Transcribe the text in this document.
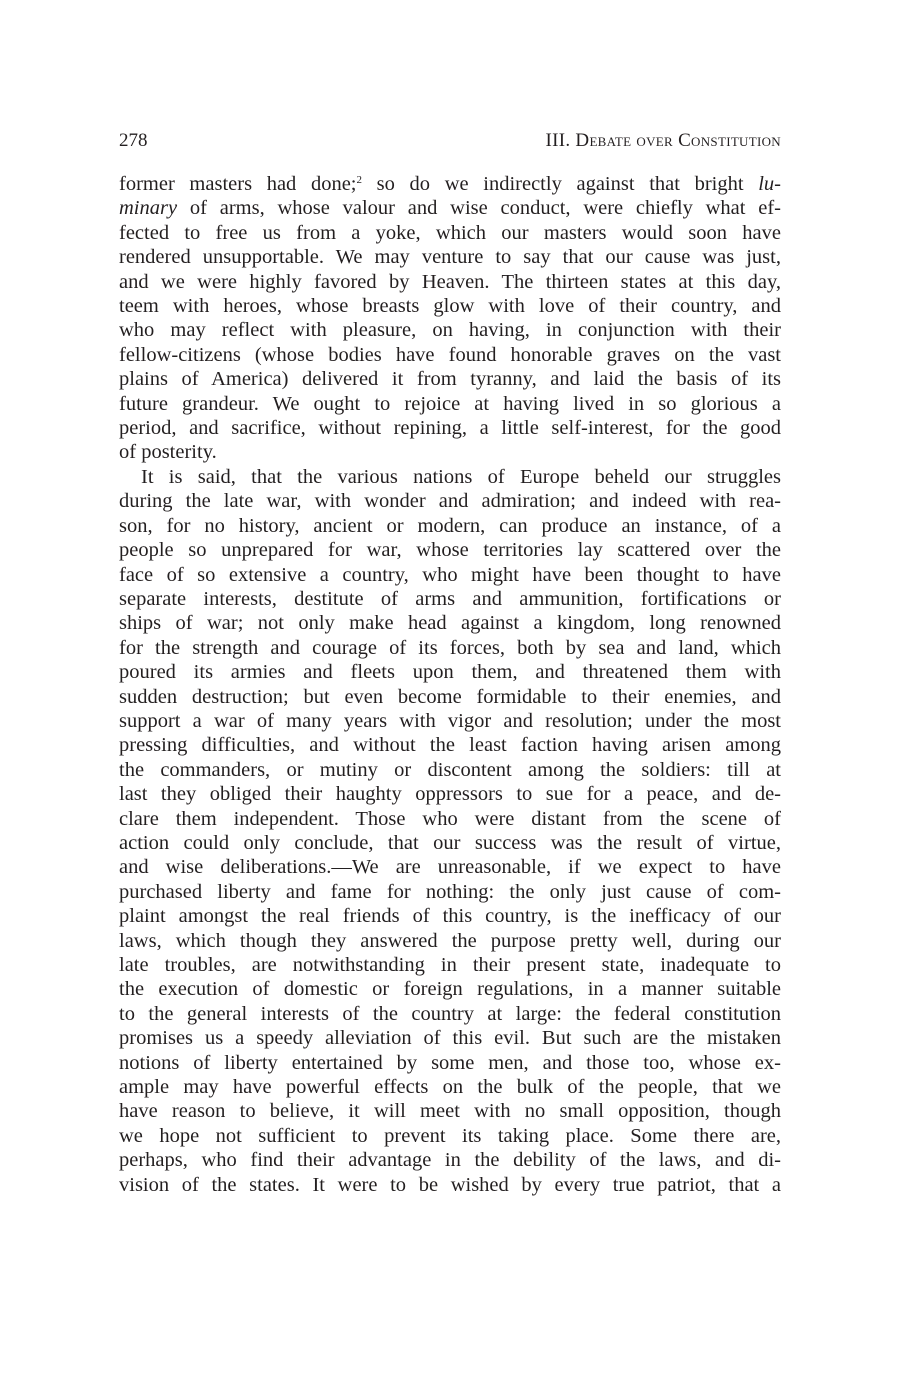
278	III. Debate over Constitution

former masters had done;$^2$ so do we indirectly against that bright lu-
minary of arms, whose valour and wise conduct, were chiefly what ef-
fected to free us from a yoke, which our masters would soon have
rendered unsupportable. We may venture to say that our cause was just,
and we were highly favored by Heaven. The thirteen states at this day,
teem with heroes, whose breasts glow with love of their country, and
who may reflect with pleasure, on having, in conjunction with their
fellow-citizens (whose bodies have found honorable graves on the vast
plains of America) delivered it from tyranny, and laid the basis of its
future grandeur. We ought to rejoice at having lived in so glorious a
period, and sacrifice, without repining, a little self-interest, for the good
of posterity.

It is said, that the various nations of Europe beheld our struggles
during the late war, with wonder and admiration; and indeed with rea-
son, for no history, ancient or modern, can produce an instance, of a
people so unprepared for war, whose territories lay scattered over the
face of so extensive a country, who might have been thought to have
separate interests, destitute of arms and ammunition, fortifications or
ships of war; not only make head against a kingdom, long renowned
for the strength and courage of its forces, both by sea and land, which
poured its armies and fleets upon them, and threatened them with
sudden destruction; but even become formidable to their enemies, and
support a war of many years with vigor and resolution; under the most
pressing difficulties, and without the least faction having arisen among
the commanders, or mutiny or discontent among the soldiers: till at
last they obliged their haughty oppressors to sue for a peace, and de-
clare them independent. Those who were distant from the scene of
action could only conclude, that our success was the result of virtue,
and wise deliberations.—We are unreasonable, if we expect to have
purchased liberty and fame for nothing: the only just cause of com-
plaint amongst the real friends of this country, is the inefficacy of our
laws, which though they answered the purpose pretty well, during our
late troubles, are notwithstanding in their present state, inadequate to
the execution of domestic or foreign regulations, in a manner suitable
to the general interests of the country at large: the federal constitution
promises us a speedy alleviation of this evil. But such are the mistaken
notions of liberty entertained by some men, and those too, whose ex-
ample may have powerful effects on the bulk of the people, that we
have reason to believe, it will meet with no small opposition, though
we hope not sufficient to prevent its taking place. Some there are,
perhaps, who find their advantage in the debility of the laws, and di-
vision of the states. It were to be wished by every true patriot, that a
